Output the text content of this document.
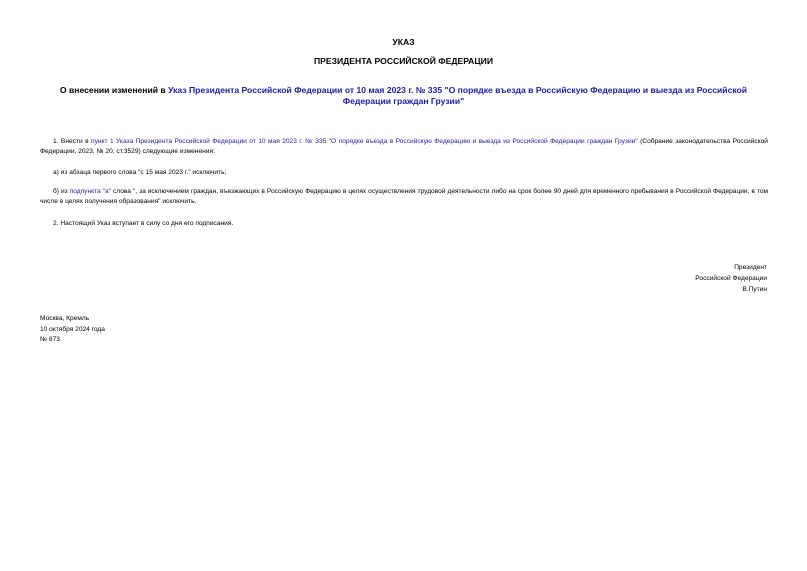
УКАЗ
ПРЕЗИДЕНТА РОССИЙСКОЙ ФЕДЕРАЦИИ
О внесении изменений в Указ Президента Российской Федерации от 10 мая 2023 г. № 335 "О порядке въезда в Российскую Федерацию и выезда из Российской Федерации граждан Грузии"
1. Внести в пункт 1 Указа Президента Российской Федерации от 10 мая 2023 г. № 335 "О порядке въезда в Российскую Федерацию и выезда из Российской Федерации граждан Грузии" (Собрание законодательства Российской Федерации, 2023, № 20, ст.3529) следующие изменения:
а) из абзаца первого слова "с 15 мая 2023 г." исключить;
б) из подпункта "а" слова ", за исключением граждан, въезжающих в Российскую Федерацию в целях осуществления трудовой деятельности либо на срок более 90 дней для временного пребывания в Российской Федерации, в том числе в целях получения образования" исключить.
2. Настоящий Указ вступает в силу со дня его подписания.
Президент
Российской Федерации
В.Путин
Москва, Кремль
10 октября 2024 года
№ 873
